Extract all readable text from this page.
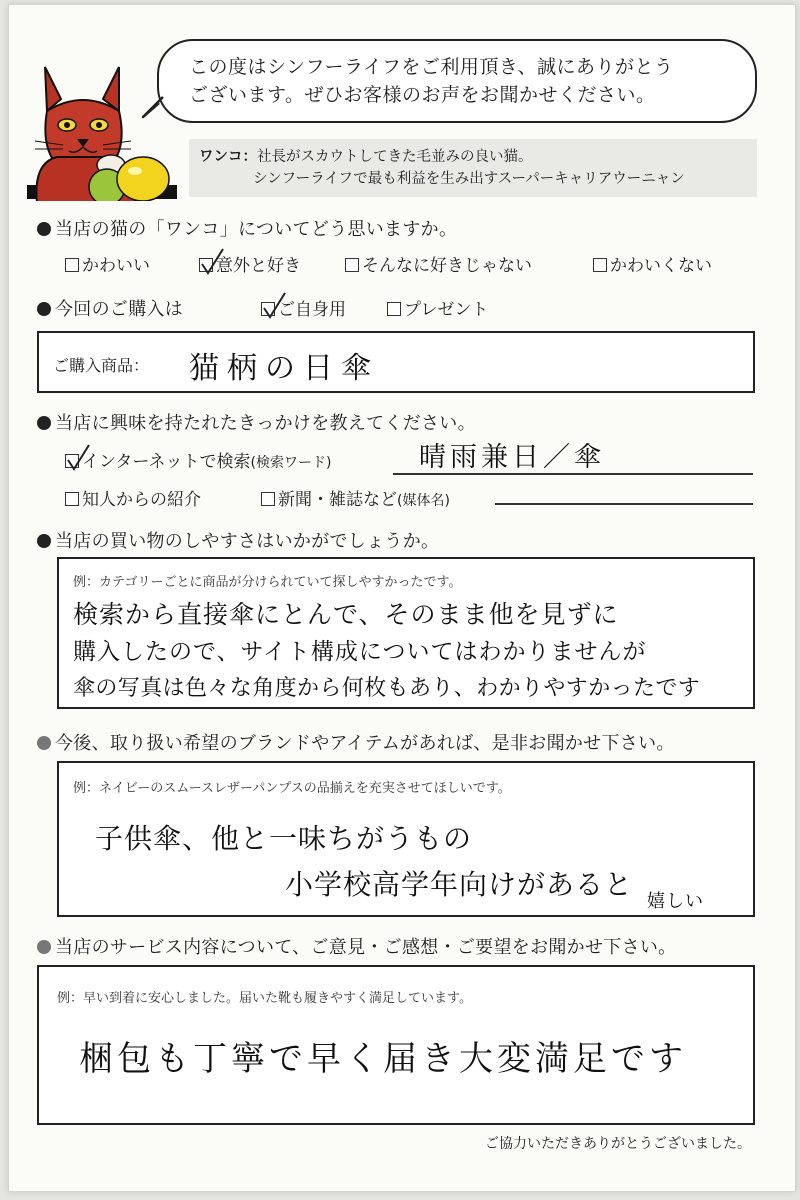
この度はシンフーライフをご利用頂き、誠にありがとう
ございます。ぜひお客様のお声をお聞かせください。
ワンコ：社長がスカウトしてきた毛並みの良い猫。
シンフーライフで最も利益を生み出すスーパーキャリアウーニャン
当店の猫の「ワンコ」についてどう思いますか。
かわいい	意外と好き	そんなに好きじゃない	かわいくない
今回のご購入は	ご自身用	プレゼント
ご購入商品： 猫柄の日傘
当店に興味を持たれたきっかけを教えてください。
インターネットで検索(検索ワード)	晴雨兼日／傘
知人からの紹介	新聞・雑誌など(媒体名)
当店の買い物のしやすさはいかがでしょうか。
例：カテゴリーごとに商品が分けられていて探しやすかったです。
検索から直接傘にとんで、そのまま他を見ずに
購入したので、サイト構成についてはわかりませんが
傘の写真は色々な角度から何枚もあり、わかりやすかったです
今後、取り扱い希望のブランドやアイテムがあれば、是非お聞かせ下さい。
例：ネイビーのスムースレザーパンプスの品揃えを充実させてほしいです。
子供傘、他と一味ちがうもの
小学校高学年向けがあると
嬉しい
当店のサービス内容について、ご意見・ご感想・ご要望をお聞かせ下さい。
例：早い到着に安心しました。届いた靴も履きやすく満足しています。
梱包も丁寧で早く届き大変満足です
ご協力いただきありがとうございました。
